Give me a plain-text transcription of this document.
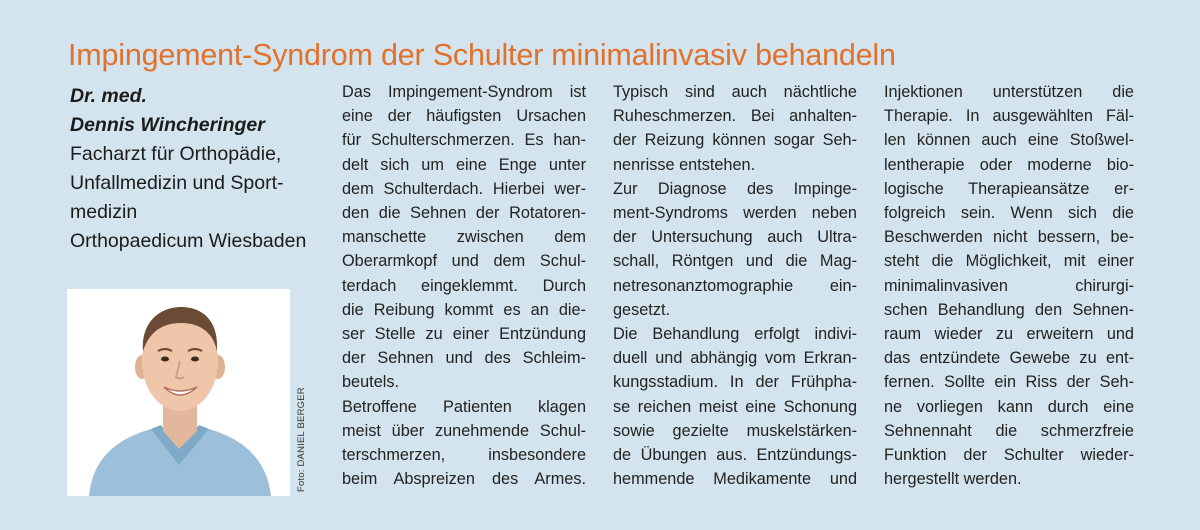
Impingement-Syndrom der Schulter minimalinvasiv behandeln
Dr. med.
Dennis Wincheringer
Facharzt für Orthopädie,
Unfallmedizin und Sport-
medizin
Orthopaedicum Wiesbaden
Foto: DANIEL BERGER

Das Impingement-Syndrom ist

eine der häufigsten Ursachen

für Schulterschmerzen. Es han-

delt sich um eine Enge unter

dem Schulterdach. Hierbei wer-

den die Sehnen der Rotatoren-

manschette zwischen dem

Oberarmkopf und dem Schul-

terdach eingeklemmt. Durch

die Reibung kommt es an die-

ser Stelle zu einer Entzündung

der Sehnen und des Schleim-

beutels.

Betroffene Patienten klagen

meist über zunehmende Schul-

terschmerzen, insbesondere

beim Abspreizen des Armes.

Typisch sind auch nächtliche

Ruheschmerzen. Bei anhalten-

der Reizung können sogar Seh-

nenrisse entstehen.

Zur Diagnose des Impinge-

ment-Syndroms werden neben

der Untersuchung auch Ultra-

schall, Röntgen und die Mag-

netresonanztomographie ein-

gesetzt.

Die Behandlung erfolgt indivi-

duell und abhängig vom Erkran-

kungsstadium. In der Frühpha-

se reichen meist eine Schonung

sowie gezielte muskelstärken-

de Übungen aus. Entzündungs-

hemmende Medikamente und

Injektionen unterstützen die

Therapie. In ausgewählten Fäl-

len können auch eine Stoßwel-

lentherapie oder moderne bio-

logische Therapieansätze er-

folgreich sein. Wenn sich die

Beschwerden nicht bessern, be-

steht die Möglichkeit, mit einer

minimalinvasiven chirurgi-

schen Behandlung den Sehnen-

raum wieder zu erweitern und

das entzündete Gewebe zu ent-

fernen. Sollte ein Riss der Seh-

ne vorliegen kann durch eine

Sehnennaht die schmerzfreie

Funktion der Schulter wieder-

hergestellt werden.
